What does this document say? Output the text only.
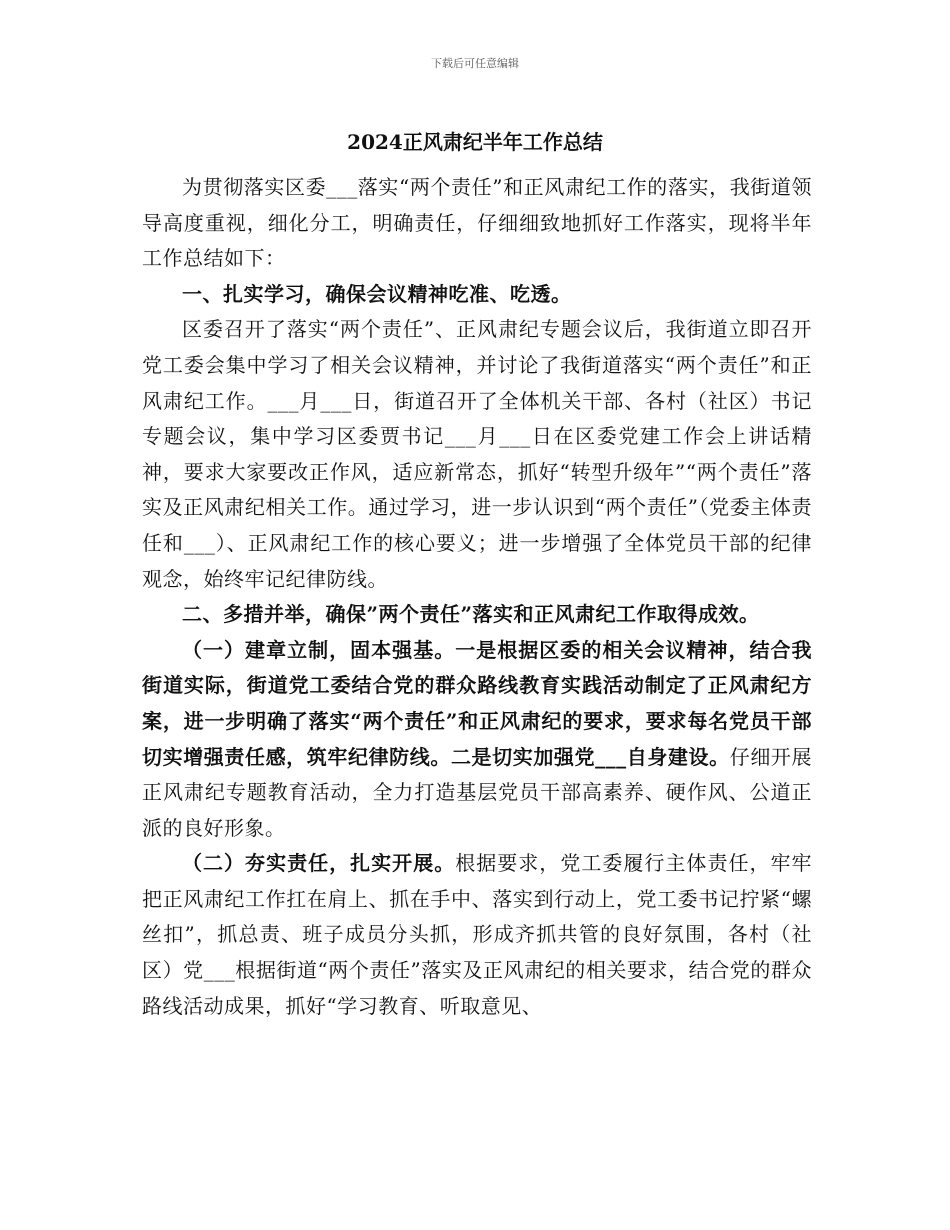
下载后可任意编辑
2024正风肃纪半年工作总结

为贯彻落实区委___落实“两个责任”和正风肃纪工作的落实，我街道领导高度重视，细化分工，明确责任，仔细细致地抓好工作落实，现将半年工作总结如下：

一、扎实学习，确保会议精神吃准、吃透。

区委召开了落实“两个责任”、正风肃纪专题会议后，我街道立即召开党工委会集中学习了相关会议精神，并讨论了我街道落实“两个责任”和正风肃纪工作。___月___日，街道召开了全体机关干部、各村（社区）书记专题会议，集中学习区委贾书记___月___日在区委党建工作会上讲话精神，要求大家要改正作风，适应新常态，抓好“转型升级年”“两个责任”落实及正风肃纪相关工作。通过学习，进一步认识到“两个责任”（党委主体责任和___）、正风肃纪工作的核心要义；进一步增强了全体党员干部的纪律观念，始终牢记纪律防线。

二、多措并举，确保”两个责任”落实和正风肃纪工作取得成效。

（一）建章立制，固本强基。一是根据区委的相关会议精神，结合我街道实际，街道党工委结合党的群众路线教育实践活动制定了正风肃纪方案，进一步明确了落实“两个责任”和正风肃纪的要求，要求每名党员干部切实增强责任感，筑牢纪律防线。二是切实加强党___自身建设。仔细开展正风肃纪专题教育活动，全力打造基层党员干部高素养、硬作风、公道正派的良好形象。

（二）夯实责任，扎实开展。根据要求，党工委履行主体责任，牢牢把正风肃纪工作扛在肩上、抓在手中、落实到行动上，党工委书记拧紧“螺丝扣”，抓总责、班子成员分头抓，形成齐抓共管的良好氛围，各村（社区）党___根据街道“两个责任”落实及正风肃纪的相关要求，结合党的群众路线活动成果，抓好“学习教育、听取意见、
